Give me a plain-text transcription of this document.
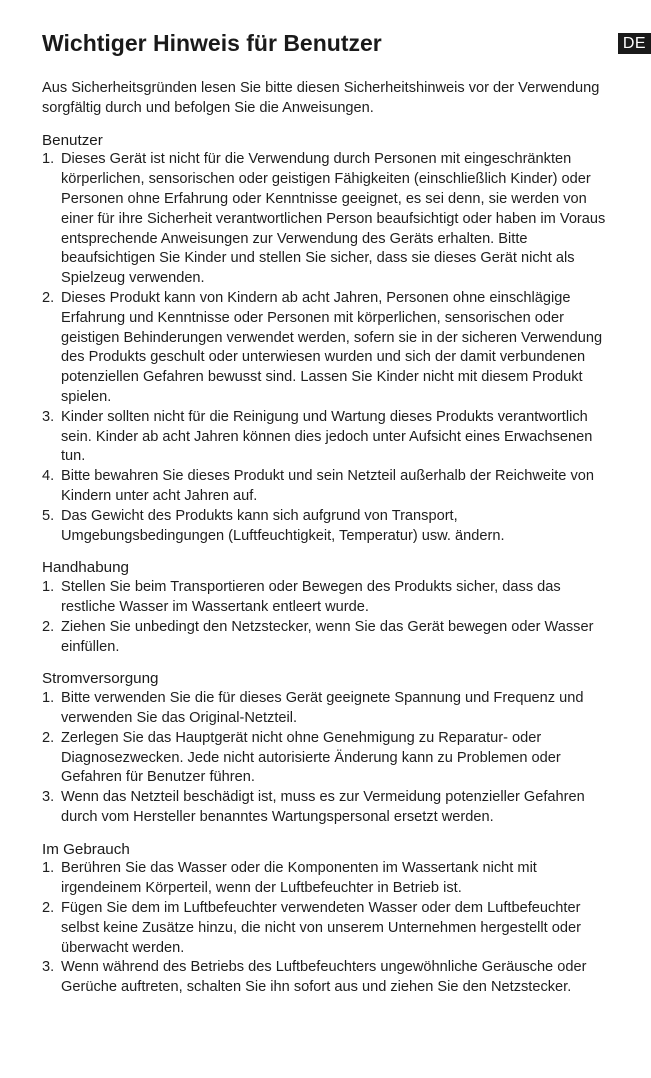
Wichtiger Hinweis für Benutzer	DE

Aus Sicherheitsgründen lesen Sie bitte diesen Sicherheitshinweis vor der Verwendung sorgfältig durch und befolgen Sie die Anweisungen.

Benutzer
1. Dieses Gerät ist nicht für die Verwendung durch Personen mit eingeschränkten körperlichen, sensorischen oder geistigen Fähigkeiten (einschließlich Kinder) oder Personen ohne Erfahrung oder Kenntnisse geeignet, es sei denn, sie werden von einer für ihre Sicherheit verantwortlichen Person beaufsichtigt oder haben im Voraus entsprechende Anweisungen zur Verwendung des Geräts erhalten. Bitte beaufsichtigen Sie Kinder und stellen Sie sicher, dass sie dieses Gerät nicht als Spielzeug verwenden.
2. Dieses Produkt kann von Kindern ab acht Jahren, Personen ohne einschlägige Erfahrung und Kenntnisse oder Personen mit körperlichen, sensorischen oder geistigen Behinderungen verwendet werden, sofern sie in der sicheren Verwendung des Produkts geschult oder unterwiesen wurden und sich der damit verbundenen potenziellen Gefahren bewusst sind. Lassen Sie Kinder nicht mit diesem Produkt spielen.
3. Kinder sollten nicht für die Reinigung und Wartung dieses Produkts verantwortlich sein. Kinder ab acht Jahren können dies jedoch unter Aufsicht eines Erwachsenen tun.
4. Bitte bewahren Sie dieses Produkt und sein Netzteil außerhalb der Reichweite von Kindern unter acht Jahren auf.
5. Das Gewicht des Produkts kann sich aufgrund von Transport, Umgebungsbedingungen (Luftfeuchtigkeit, Temperatur) usw. ändern.
Handhabung
1. Stellen Sie beim Transportieren oder Bewegen des Produkts sicher, dass das restliche Wasser im Wassertank entleert wurde.
2. Ziehen Sie unbedingt den Netzstecker, wenn Sie das Gerät bewegen oder Wasser einfüllen.
Stromversorgung
1. Bitte verwenden Sie die für dieses Gerät geeignete Spannung und Frequenz und verwenden Sie das Original-Netzteil.
2. Zerlegen Sie das Hauptgerät nicht ohne Genehmigung zu Reparatur- oder Diagnosezwecken. Jede nicht autorisierte Änderung kann zu Problemen oder Gefahren für Benutzer führen.
3. Wenn das Netzteil beschädigt ist, muss es zur Vermeidung potenzieller Gefahren durch vom Hersteller benanntes Wartungspersonal ersetzt werden.
Im Gebrauch
1. Berühren Sie das Wasser oder die Komponenten im Wassertank nicht mit irgendeinem Körperteil, wenn der Luftbefeuchter in Betrieb ist.
2. Fügen Sie dem im Luftbefeuchter verwendeten Wasser oder dem Luftbefeuchter selbst keine Zusätze hinzu, die nicht von unserem Unternehmen hergestellt oder überwacht werden.
3. Wenn während des Betriebs des Luftbefeuchters ungewöhnliche Geräusche oder Gerüche auftreten, schalten Sie ihn sofort aus und ziehen Sie den Netzstecker.
